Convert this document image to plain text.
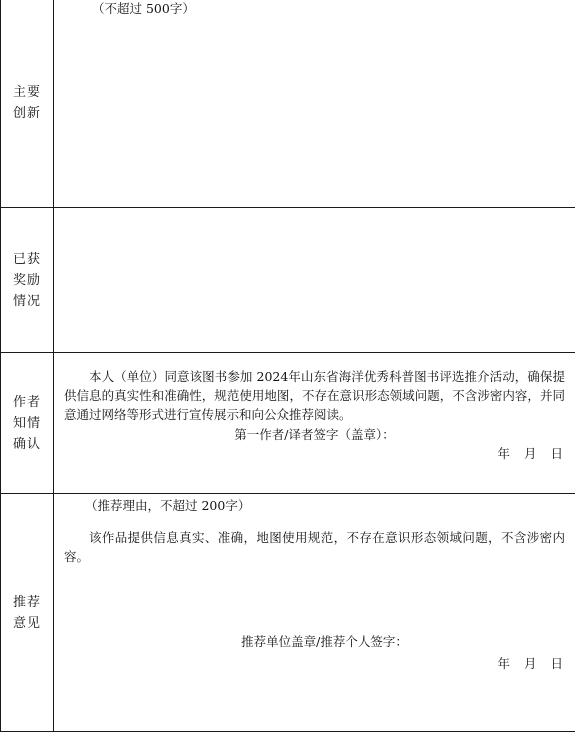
主要创新	（不超过 500字）

已获奖励情况	
作者知情确认	本人（单位）同意该图书参加 2024年山东省海洋优秀科普图书评选推介活动，确保提供信息的真实性和准确性，规范使用地图，不存在意识形态领域问题，不含涉密内容，并同意通过网络等形式进行宣传展示和向公众推荐阅读。
第一作者/译者签字（盖章）：
年 月 日

推荐意见	（推荐理由，不超过 200字）
该作品提供信息真实、准确，地图使用规范，不存在意识形态领域问题，不含涉密内容。
推荐单位盖章/推荐个人签字：
年 月 日
